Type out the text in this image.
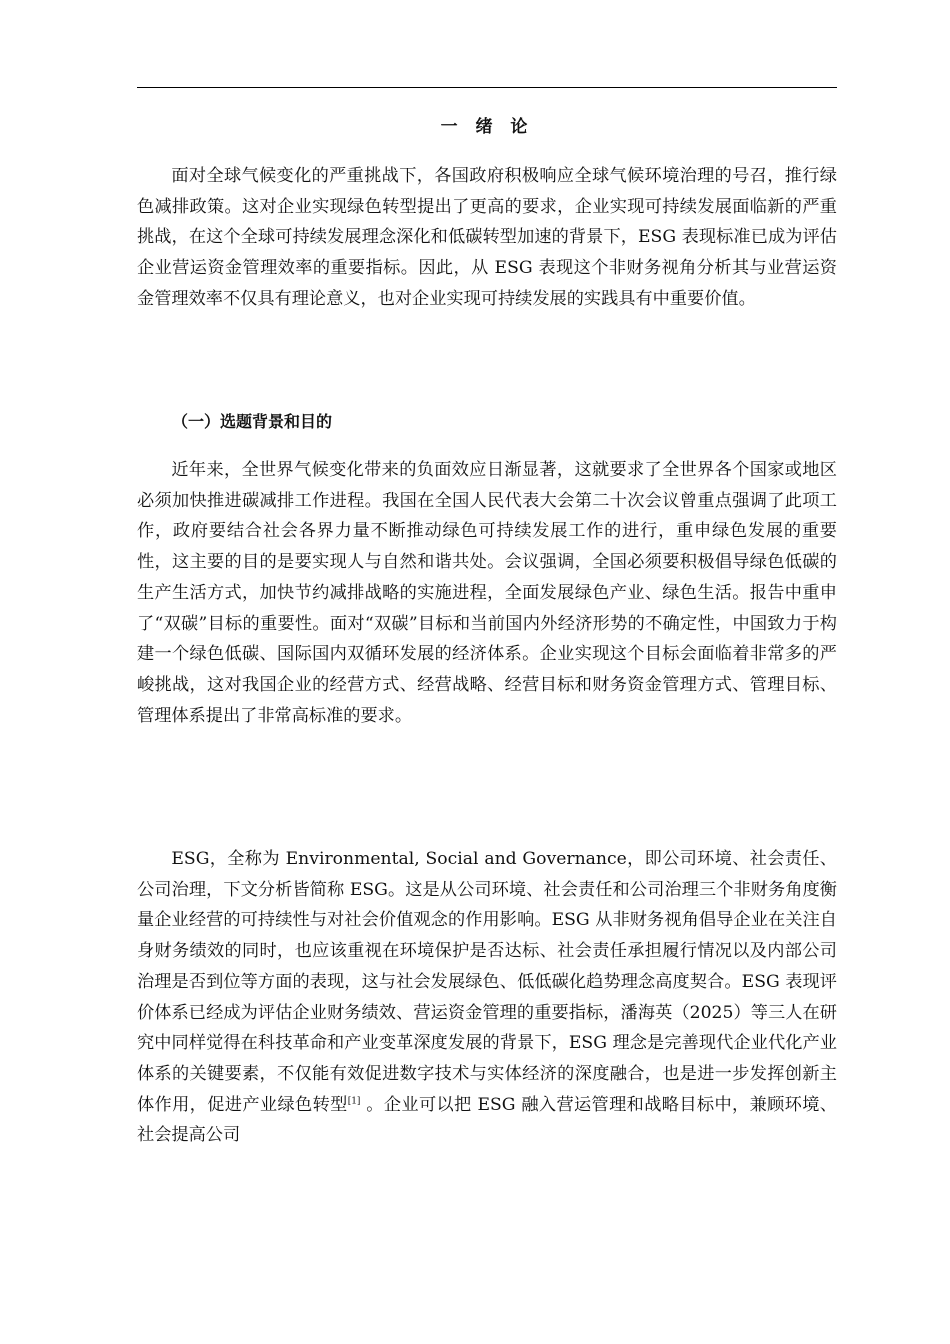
一 绪 论

面对全球气候变化的严重挑战下，各国政府积极响应全球气候环境治理的号召，推行绿色减排政策。这对企业实现绿色转型提出了更高的要求，企业实现可持续发展面临新的严重挑战，在这个全球可持续发展理念深化和低碳转型加速的背景下，ESG 表现标准已成为评估企业营运资金管理效率的重要指标。因此，从 ESG 表现这个非财务视角分析其与业营运资金管理效率不仅具有理论意义，也对企业实现可持续发展的实践具有中重要价值。

（一）选题背景和目的

近年来，全世界气候变化带来的负面效应日渐显著，这就要求了全世界各个国家或地区必须加快推进碳减排工作进程。我国在全国人民代表大会第二十次会议曾重点强调了此项工作，政府要结合社会各界力量不断推动绿色可持续发展工作的进行，重申绿色发展的重要性，这主要的目的是要实现人与自然和谐共处。会议强调，全国必须要积极倡导绿色低碳的生产生活方式，加快节约减排战略的实施进程，全面发展绿色产业、绿色生活。报告中重申了“双碳”目标的重要性。面对“双碳”目标和当前国内外经济形势的不确定性，中国致力于构建一个绿色低碳、国际国内双循环发展的经济体系。企业实现这个目标会面临着非常多的严峻挑战，这对我国企业的经营方式、经营战略、经营目标和财务资金管理方式、管理目标、管理体系提出了非常高标准的要求。

ESG，全称为 Environmental, Social and Governance，即公司环境、社会责任、公司治理，下文分析皆简称 ESG。这是从公司环境、社会责任和公司治理三个非财务角度衡量企业经营的可持续性与对社会价值观念的作用影响。ESG 从非财务视角倡导企业在关注自身财务绩效的同时，也应该重视在环境保护是否达标、社会责任承担履行情况以及内部公司治理是否到位等方面的表现，这与社会发展绿色、低低碳化趋势理念高度契合。ESG 表现评价体系已经成为评估企业财务绩效、营运资金管理的重要指标，潘海英（2025）等三人在研究中同样觉得在科技革命和产业变革深度发展的背景下，ESG 理念是完善现代企业代化产业体系的关键要素，不仅能有效促进数字技术与实体经济的深度融合，也是进一步发挥创新主体作用，促进产业绿色转型[1] 。企业可以把 ESG 融入营运管理和战略目标中，兼顾环境、社会提高公司
